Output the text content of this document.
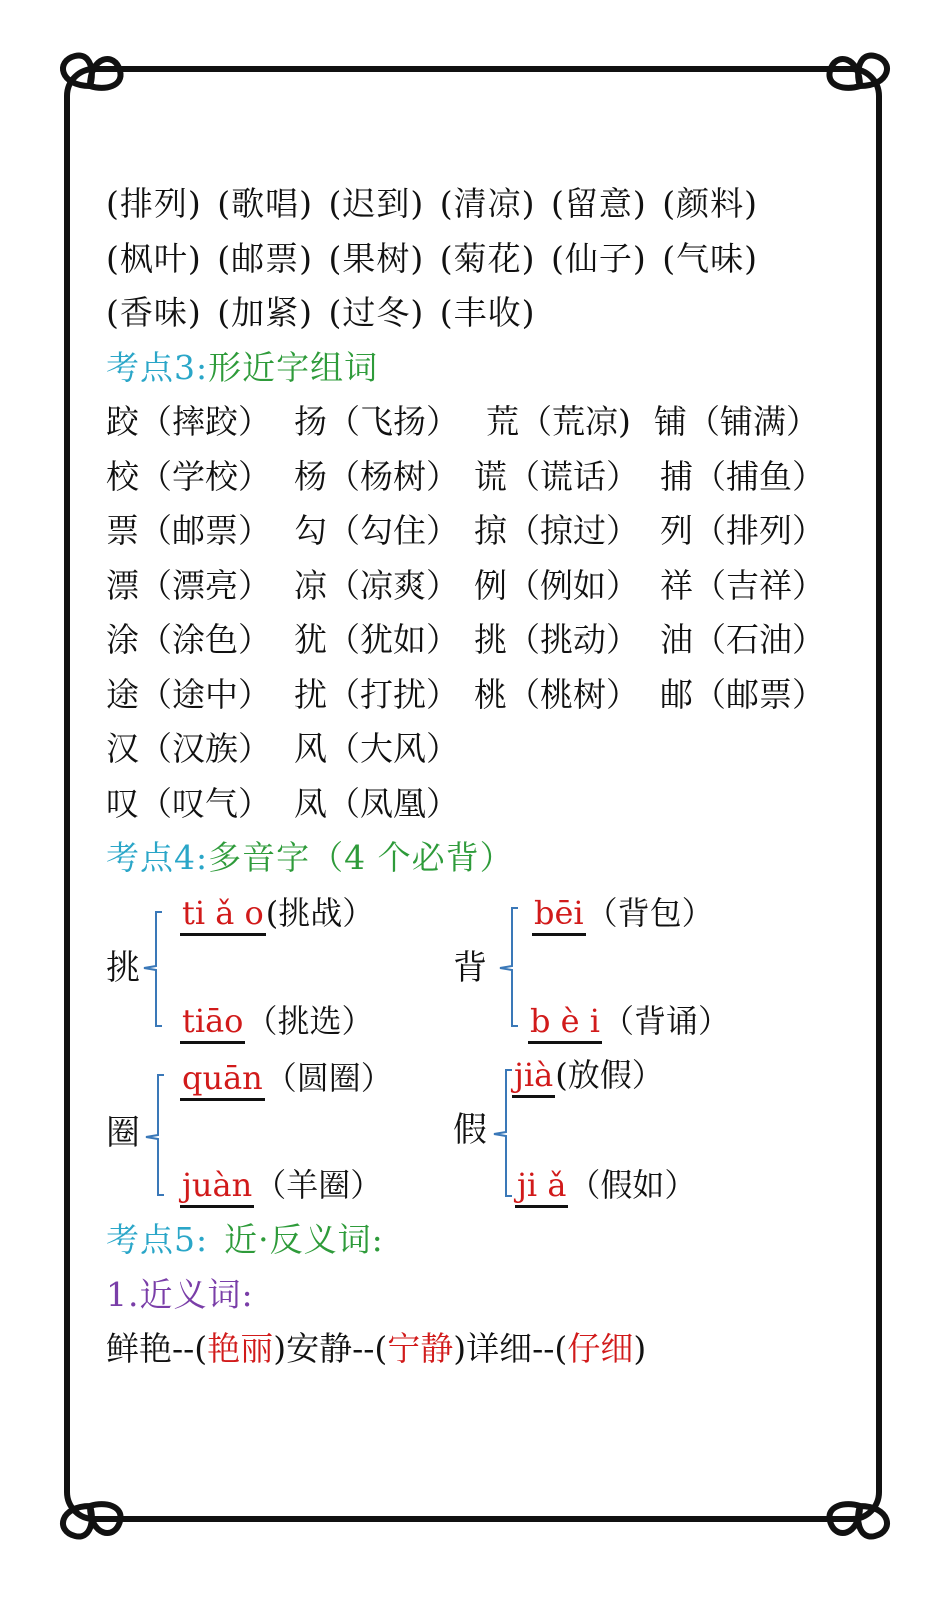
(排列) (歌唱) (迟到) (清凉) (留意) (颜料)
(枫叶) (邮票) (果树) (菊花) (仙子) (气味)
(香味) (加紧) (过冬) (丰收)
考点3:形近字组词
跤（摔跤） 扬（飞扬） 荒（荒凉) 铺（铺满）
校（学校） 杨（杨树） 谎（谎话） 捕（捕鱼）
票（邮票） 勾（勾住） 掠（掠过） 列（排列）
漂（漂亮） 凉（凉爽） 例（例如） 祥（吉祥）
涂（涂色） 犹（犹如） 挑（挑动） 油（石油）
途（途中） 扰（打扰） 桃（桃树） 邮（邮票）
汉（汉族） 风（大风）
叹（叹气） 凤（凤凰）
考点4:多音字（4 个必背）
挑
ti ǎ o(挑战）
tiāo（挑选）
背
bēi（背包）
b è i（背诵）
圈
quān（圆圈）
juàn（羊圈）
假
jià(放假）
ji ǎ（假如）
考点5: 近·反义词:
1.近义词:
鲜艳--(艳丽)安静--(宁静)详细--(仔细)
